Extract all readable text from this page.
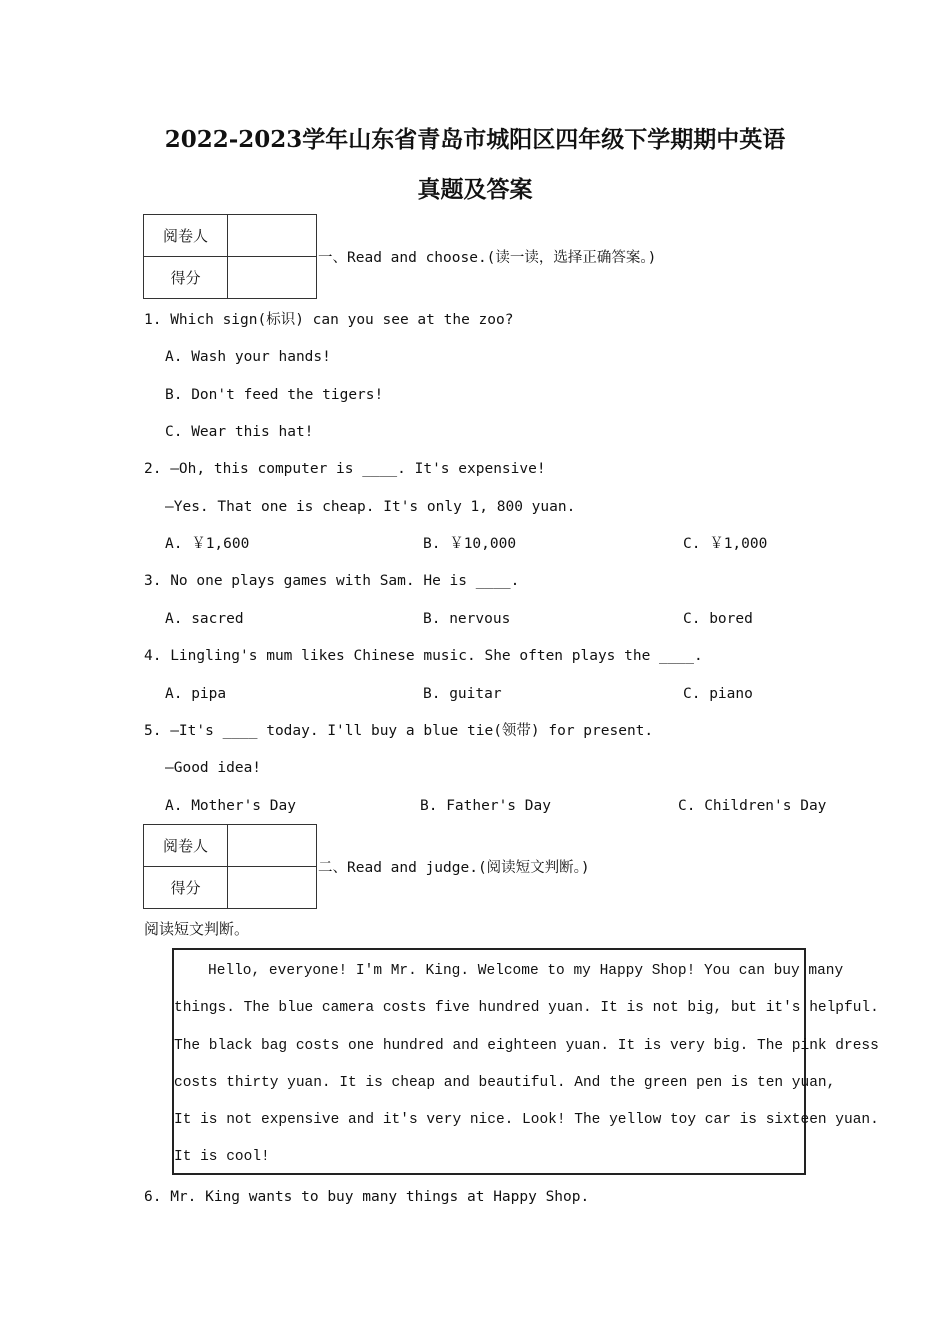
2022-2023学年山东省青岛市城阳区四年级下学期期中英语
真题及答案
阅卷人	
得分	
一、Read and choose.(读一读，选择正确答案。)
1. Which sign(标识) can you see at the zoo?
A. Wash your hands!
B. Don't feed the tigers!
C. Wear this hat!
2. —Oh, this computer is ____. It's expensive!
—Yes. That one is cheap. It's only 1, 800 yuan.
A. ￥1,600	B. ￥10,000	C. ￥1,000
3. No one plays games with Sam. He is ____.
A. sacred	B. nervous	C. bored
4. Lingling's mum likes Chinese music. She often plays the ____.
A. pipa	B. guitar	C. piano
5. —It's ____ today. I'll buy a blue tie(领带) for present.
—Good idea!
A. Mother's Day	B. Father's Day	C. Children's Day
阅卷人	
得分	
二、Read and judge.(阅读短文判断。)
阅读短文判断。
Hello, everyone! I'm Mr. King. Welcome to my Happy Shop! You can buy many
things. The blue camera costs five hundred yuan. It is not big, but it's helpful.
The black bag costs one hundred and eighteen yuan. It is very big. The pink dress
costs thirty yuan. It is cheap and beautiful. And the green pen is ten yuan,
It is not expensive and it's very nice. Look! The yellow toy car is sixteen yuan.
It is cool!
6. Mr. King wants to buy many things at Happy Shop.
